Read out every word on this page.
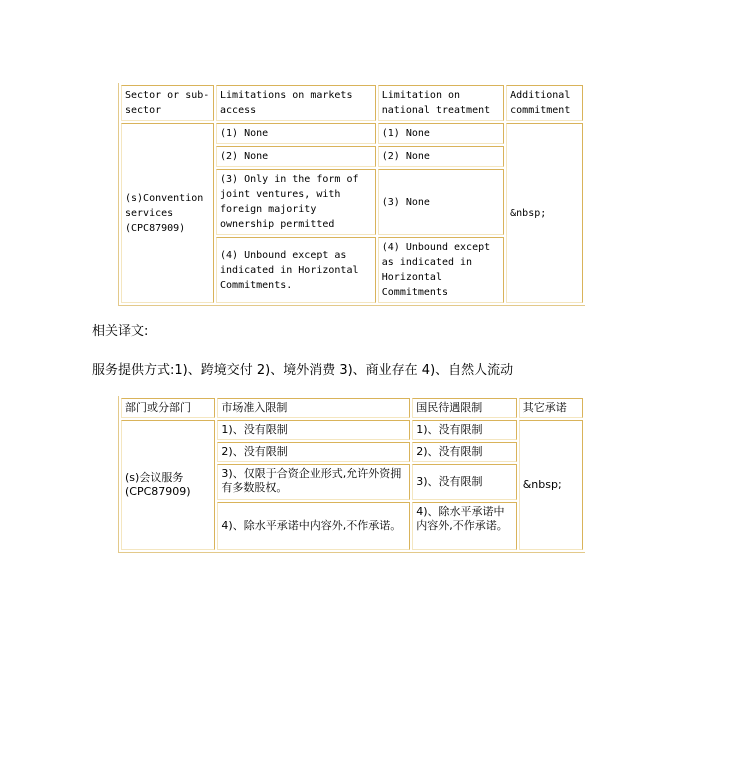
Sector or sub-sector	Limitations on markets access	Limitation on national treatment	Additional commitment
(s)Convention services (CPC87909)	(1) None	(1) None	&nbsp;
	(2) None	(2) None	
	(3) Only in the form of joint ventures, with foreign majority ownership permitted	(3) None	
	(4) Unbound except as indicated in Horizontal Commitments.	(4) Unbound except as indicated in Horizontal Commitments	
相关译文:
服务提供方式:1)、跨境交付 2)、境外消费 3)、商业存在 4)、自然人流动
部门或分部门	市场准入限制	国民待遇限制	其它承诺
(s)会议服务(CPC87909)	1)、没有限制	1)、没有限制	&nbsp;
	2)、没有限制	2)、没有限制	
	3)、仅限于合资企业形式,允许外资拥有多数股权。	3)、没有限制	
	4)、除水平承诺中内容外,不作承诺。	4)、除水平承诺中内容外,不作承诺。	
